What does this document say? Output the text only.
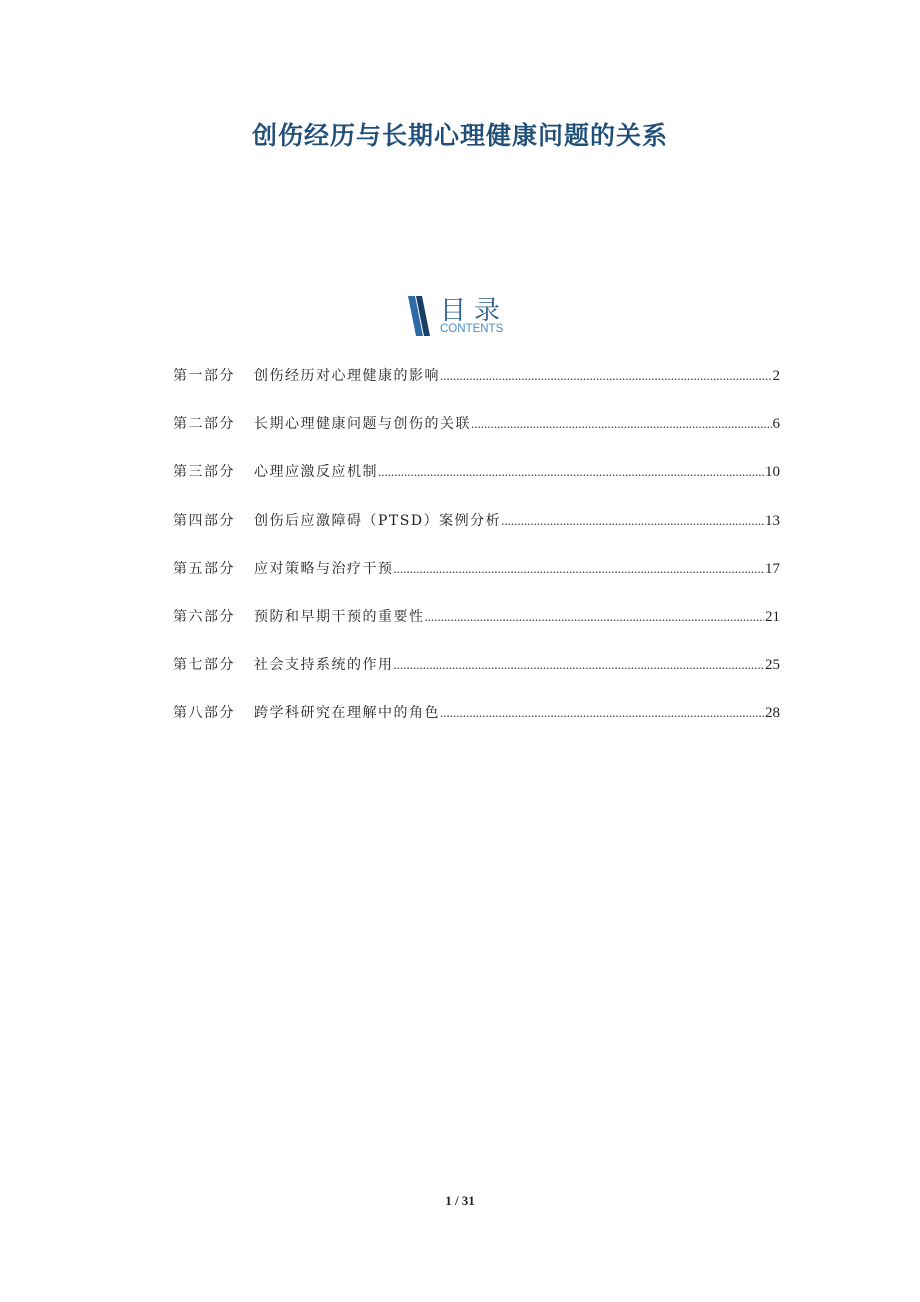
创伤经历与长期心理健康问题的关系
目录
CONTENTS
第一部分	创伤经历对心理健康的影响 .....	2
第二部分	长期心理健康问题与创伤的关联 .....	6
第三部分	心理应激反应机制 .....	10
第四部分	创伤后应激障碍（PTSD）案例分析 .....	13
第五部分	应对策略与治疗干预 .....	17
第六部分	预防和早期干预的重要性 .....	21
第七部分	社会支持系统的作用 .....	25
第八部分	跨学科研究在理解中的角色 .....	28
1 / 31
